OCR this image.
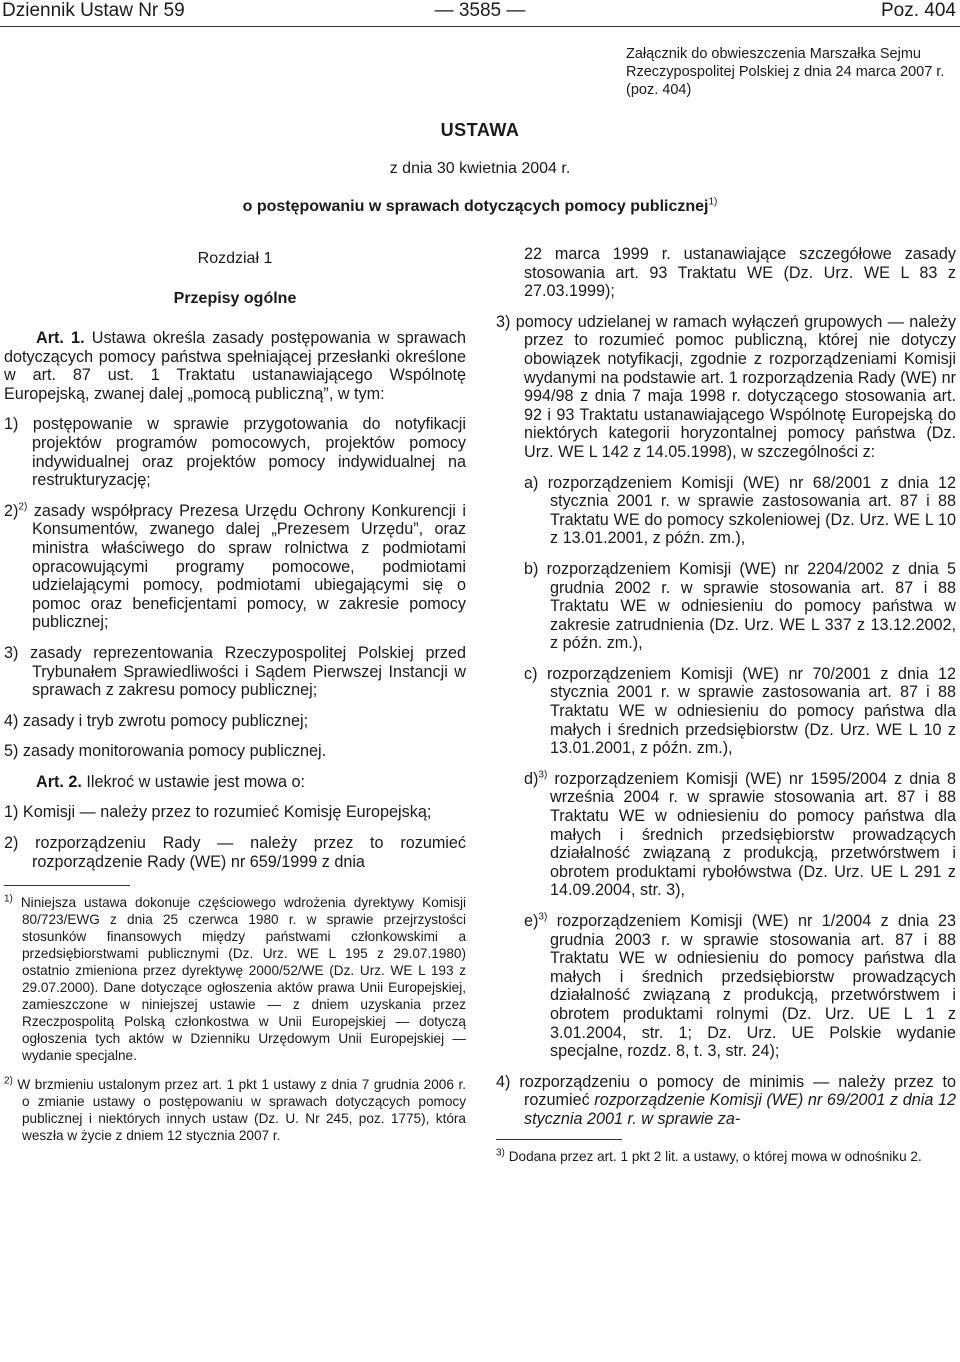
Dziennik Ustaw Nr 59	— 3585 —	Poz. 404
Załącznik do obwieszczenia Marszałka Sejmu Rzeczypospolitej Polskiej z dnia 24 marca 2007 r. (poz. 404)
USTAWA
z dnia 30 kwietnia 2004 r.
o postępowaniu w sprawach dotyczących pomocy publicznej$^{1)}$
Rozdział 1
Przepisy ogólne

Art. 1. Ustawa określa zasady postępowania w sprawach dotyczących pomocy państwa spełniającej przesłanki określone w art. 87 ust. 1 Traktatu ustanawiającego Wspólnotę Europejską, zwanej dalej „pomocą publiczną”, w tym:

1) postępowanie w sprawie przygotowania do notyfikacji projektów programów pomocowych, projektów pomocy indywidualnej oraz projektów pomocy indywidualnej na restrukturyzację;

2)$^{2)}$ zasady współpracy Prezesa Urzędu Ochrony Konkurencji i Konsumentów, zwanego dalej „Prezesem Urzędu”, oraz ministra właściwego do spraw rolnictwa z podmiotami opracowującymi programy pomocowe, podmiotami udzielającymi pomocy, podmiotami ubiegającymi się o pomoc oraz beneficjentami pomocy, w zakresie pomocy publicznej;

3) zasady reprezentowania Rzeczypospolitej Polskiej przed Trybunałem Sprawiedliwości i Sądem Pierwszej Instancji w sprawach z zakresu pomocy publicznej;

4) zasady i tryb zwrotu pomocy publicznej;

5) zasady monitorowania pomocy publicznej.

Art. 2. Ilekroć w ustawie jest mowa o:

1) Komisji — należy przez to rozumieć Komisję Europejską;

2) rozporządzeniu Rady — należy przez to rozumieć rozporządzenie Rady (WE) nr 659/1999 z dnia

$^{1)}$ Niniejsza ustawa dokonuje częściowego wdrożenia dyrektywy Komisji 80/723/EWG z dnia 25 czerwca 1980 r. w sprawie przejrzystości stosunków finansowych między państwami członkowskimi a przedsiębiorstwami publicznymi (Dz. Urz. WE L 195 z 29.07.1980) ostatnio zmieniona przez dyrektywę 2000/52/WE (Dz. Urz. WE L 193 z 29.07.2000). Dane dotyczące ogłoszenia aktów prawa Unii Europejskiej, zamieszczone w niniejszej ustawie — z dniem uzyskania przez Rzeczpospolitą Polską członkostwa w Unii Europejskiej — dotyczą ogłoszenia tych aktów w Dzienniku Urzędowym Unii Europejskiej — wydanie specjalne.

$^{2)}$ W brzmieniu ustalonym przez art. 1 pkt 1 ustawy z dnia 7 grudnia 2006 r. o zmianie ustawy o postępowaniu w sprawach dotyczących pomocy publicznej i niektórych innych ustaw (Dz. U. Nr 245, poz. 1775), która weszła w życie z dniem 12 stycznia 2007 r.

22 marca 1999 r. ustanawiające szczegółowe zasady stosowania art. 93 Traktatu WE (Dz. Urz. WE L 83 z 27.03.1999);

3) pomocy udzielanej w ramach wyłączeń grupowych — należy przez to rozumieć pomoc publiczną, której nie dotyczy obowiązek notyfikacji, zgodnie z rozporządzeniami Komisji wydanymi na podstawie art. 1 rozporządzenia Rady (WE) nr 994/98 z dnia 7 maja 1998 r. dotyczącego stosowania art. 92 i 93 Traktatu ustanawiającego Wspólnotę Europejską do niektórych kategorii horyzontalnej pomocy państwa (Dz. Urz. WE L 142 z 14.05.1998), w szczególności z:

a) rozporządzeniem Komisji (WE) nr 68/2001 z dnia 12 stycznia 2001 r. w sprawie zastosowania art. 87 i 88 Traktatu WE do pomocy szkoleniowej (Dz. Urz. WE L 10 z 13.01.2001, z późn. zm.),

b) rozporządzeniem Komisji (WE) nr 2204/2002 z dnia 5 grudnia 2002 r. w sprawie stosowania art. 87 i 88 Traktatu WE w odniesieniu do pomocy państwa w zakresie zatrudnienia (Dz. Urz. WE L 337 z 13.12.2002, z późn. zm.),

c) rozporządzeniem Komisji (WE) nr 70/2001 z dnia 12 stycznia 2001 r. w sprawie zastosowania art. 87 i 88 Traktatu WE w odniesieniu do pomocy państwa dla małych i średnich przedsiębiorstw (Dz. Urz. WE L 10 z 13.01.2001, z późn. zm.),

d)$^{3)}$ rozporządzeniem Komisji (WE) nr 1595/2004 z dnia 8 września 2004 r. w sprawie stosowania art. 87 i 88 Traktatu WE w odniesieniu do pomocy państwa dla małych i średnich przedsiębiorstw prowadzących działalność związaną z produkcją, przetwórstwem i obrotem produktami rybołówstwa (Dz. Urz. UE L 291 z 14.09.2004, str. 3),

e)$^{3)}$ rozporządzeniem Komisji (WE) nr 1/2004 z dnia 23 grudnia 2003 r. w sprawie stosowania art. 87 i 88 Traktatu WE w odniesieniu do pomocy państwa dla małych i średnich przedsiębiorstw prowadzących działalność związaną z produkcją, przetwórstwem i obrotem produktami rolnymi (Dz. Urz. UE L 1 z 3.01.2004, str. 1; Dz. Urz. UE Polskie wydanie specjalne, rozdz. 8, t. 3, str. 24);

4) rozporządzeniu o pomocy de minimis — należy przez to rozumieć rozporządzenie Komisji (WE) nr 69/2001 z dnia 12 stycznia 2001 r. w sprawie za-

$^{3)}$ Dodana przez art. 1 pkt 2 lit. a ustawy, o której mowa w odnośniku 2.
